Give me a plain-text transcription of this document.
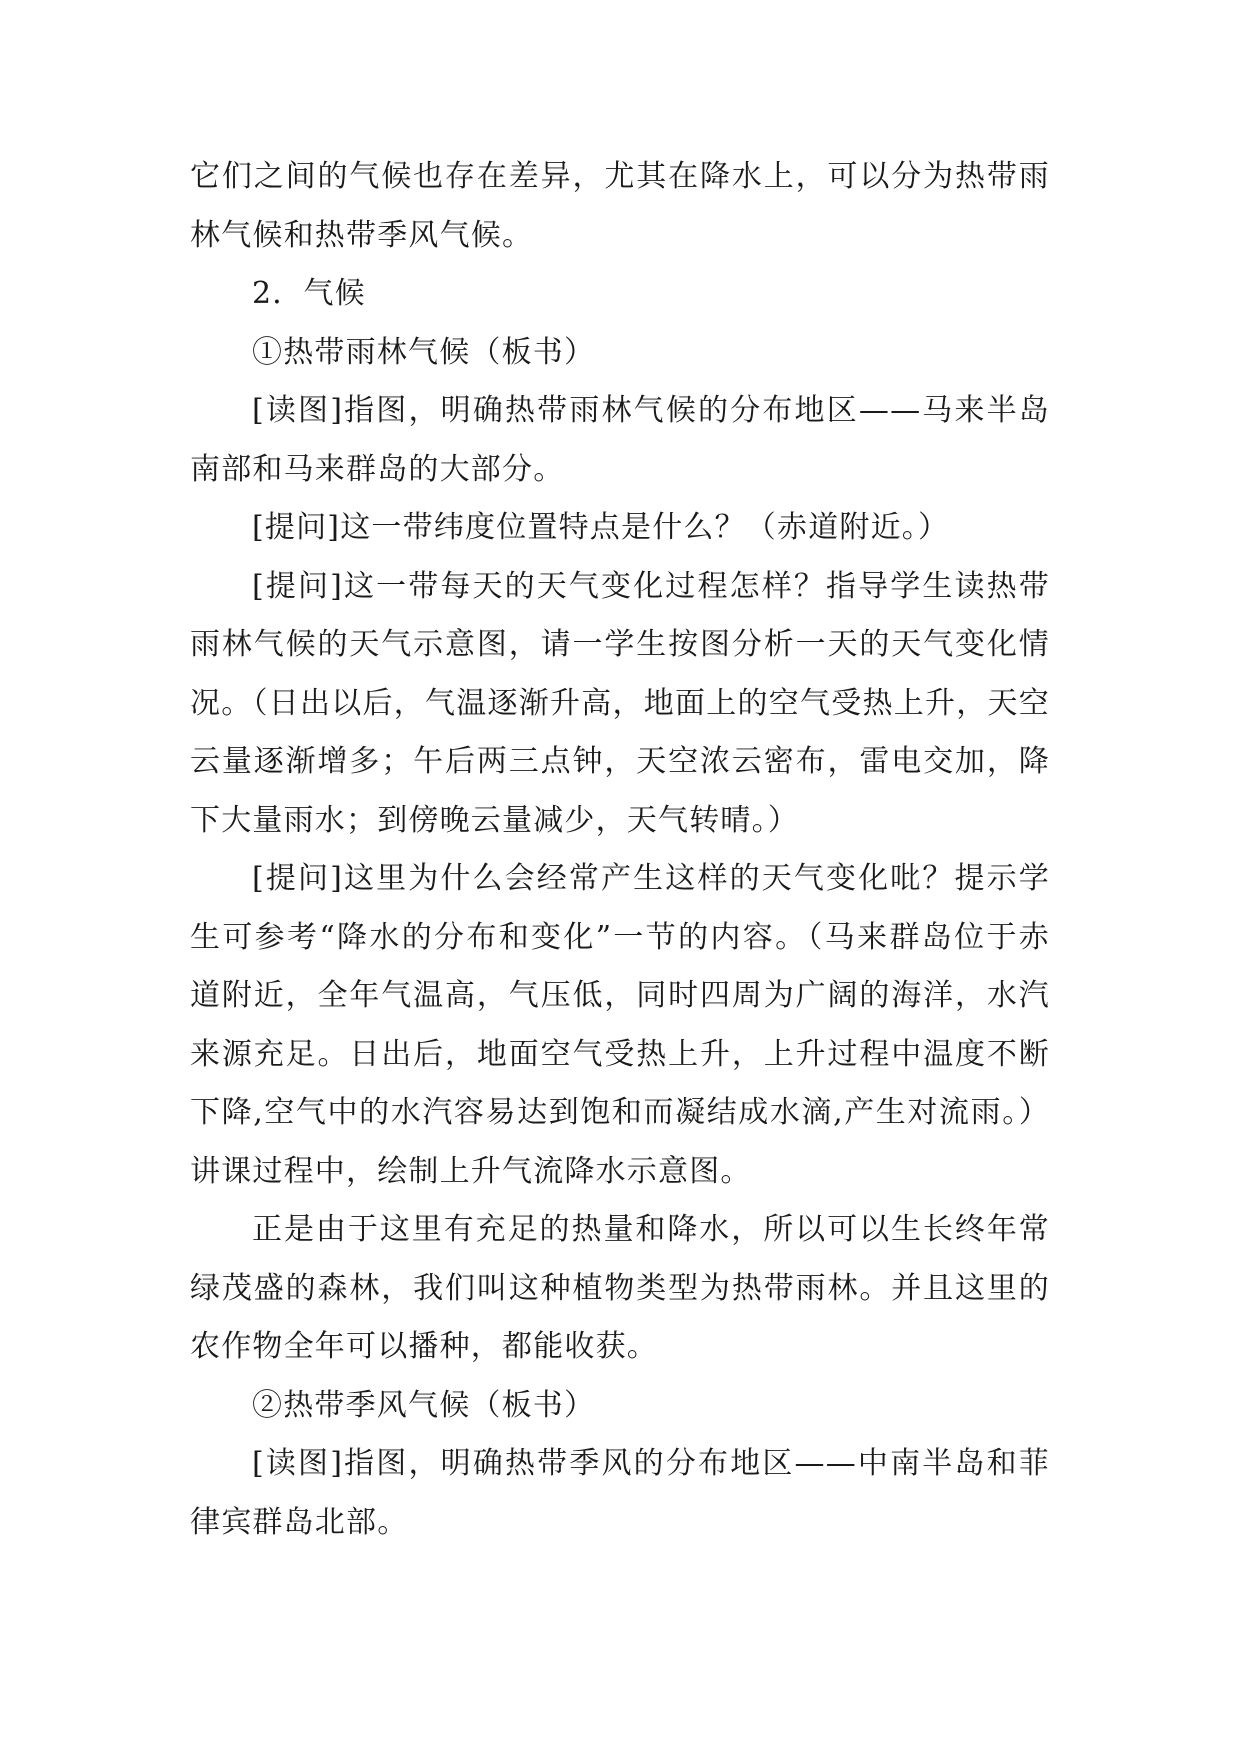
它们之间的气候也存在差异，尤其在降水上，可以分为热带雨林气候和热带季风气候。

2．气候

①热带雨林气候（板书）

[读图]指图，明确热带雨林气候的分布地区——马来半岛南部和马来群岛的大部分。

[提问]这一带纬度位置特点是什么？（赤道附近。）

[提问]这一带每天的天气变化过程怎样？指导学生读热带雨林气候的天气示意图，请一学生按图分析一天的天气变化情况。（日出以后，气温逐渐升高，地面上的空气受热上升，天空云量逐渐增多；午后两三点钟，天空浓云密布，雷电交加，降下大量雨水；到傍晚云量减少，天气转晴。）

[提问]这里为什么会经常产生这样的天气变化吡？提示学生可参考“降水的分布和变化”一节的内容。（马来群岛位于赤道附近，全年气温高，气压低，同时四周为广阔的海洋，水汽来源充足。日出后，地面空气受热上升，上升过程中温度不断下降,空气中的水汽容易达到饱和而凝结成水滴,产生对流雨。）讲课过程中，绘制上升气流降水示意图。

正是由于这里有充足的热量和降水，所以可以生长终年常绿茂盛的森林，我们叫这种植物类型为热带雨林。并且这里的农作物全年可以播种，都能收获。

②热带季风气候（板书）

[读图]指图，明确热带季风的分布地区——中南半岛和菲律宾群岛北部。
